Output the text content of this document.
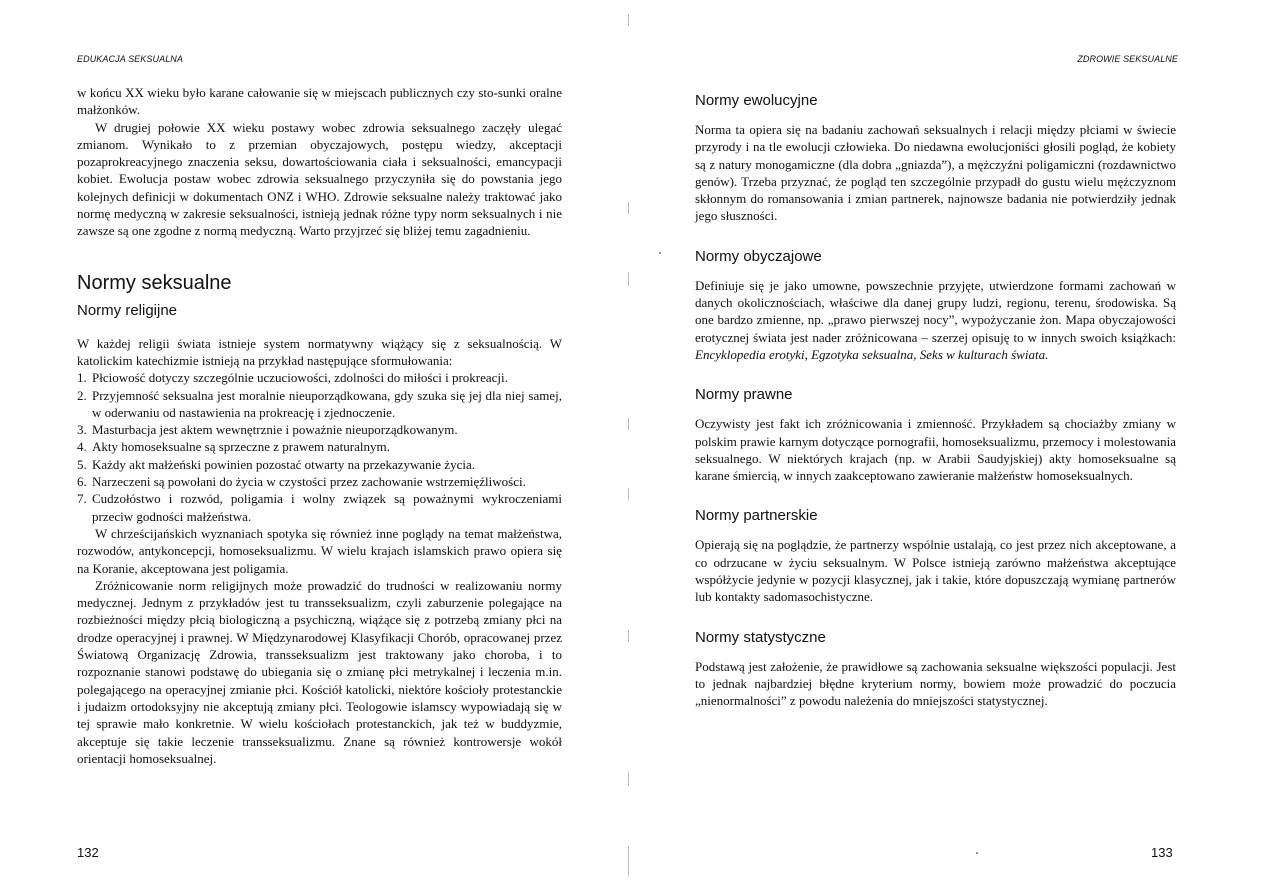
EDUKACJA SEKSUALNA

w końcu XX wieku było karane całowanie się w miejscach publicznych czy sto-sunki oralne małżonków.

W drugiej połowie XX wieku postawy wobec zdrowia seksualnego zaczęły ulegać zmianom. Wynikało to z przemian obyczajowych, postępu wiedzy, akceptacji pozaprokreacyjnego znaczenia seksu, dowartościowania ciała i seksualności, emancypacji kobiet. Ewolucja postaw wobec zdrowia seksualnego przyczyniła się do powstania jego kolejnych definicji w dokumentach ONZ i WHO. Zdrowie seksualne należy traktować jako normę medyczną w zakresie seksualności, istnieją jednak różne typy norm seksualnych i nie zawsze są one zgodne z normą medyczną. Warto przyjrzeć się bliżej temu zagadnieniu.

Normy seksualne
Normy religijne

W każdej religii świata istnieje system normatywny wiążący się z seksualnością. W katolickim katechizmie istnieją na przykład następujące sformułowania:

1. Płciowość dotyczy szczególnie uczuciowości, zdolności do miłości i prokreacji.
2. Przyjemność seksualna jest moralnie nieuporządkowana, gdy szuka się jej dla niej samej, w oderwaniu od nastawienia na prokreację i zjednoczenie.
3. Masturbacja jest aktem wewnętrznie i poważnie nieuporządkowanym.
4. Akty homoseksualne są sprzeczne z prawem naturalnym.
5. Każdy akt małżeński powinien pozostać otwarty na przekazywanie życia.
6. Narzeczeni są powołani do życia w czystości przez zachowanie wstrzemięźliwości.
7. Cudzołóstwo i rozwód, poligamia i wolny związek są poważnymi wykroczeniami przeciw godności małżeństwa.

W chrześcijańskich wyznaniach spotyka się również inne poglądy na temat małżeństwa, rozwodów, antykoncepcji, homoseksualizmu. W wielu krajach islamskich prawo opiera się na Koranie, akceptowana jest poligamia.

Zróżnicowanie norm religijnych może prowadzić do trudności w realizowaniu normy medycznej. Jednym z przykładów jest tu transseksualizm, czyli zaburzenie polegające na rozbieżności między płcią biologiczną a psychiczną, wiążące się z potrzebą zmiany płci na drodze operacyjnej i prawnej. W Międzynarodowej Klasyfikacji Chorób, opracowanej przez Światową Organizację Zdrowia, transseksualizm jest traktowany jako choroba, i to rozpoznanie stanowi podstawę do ubiegania się o zmianę płci metrykalnej i leczenia m.in. polegającego na operacyjnej zmianie płci. Kościół katolicki, niektóre kościoły protestanckie i judaizm ortodoksyjny nie akceptują zmiany płci. Teologowie islamscy wypowiadają się w tej sprawie mało konkretnie. W wielu kościołach protestanckich, jak też w buddyzmie, akceptuje się takie leczenie transseksualizmu. Znane są również kontrowersje wokół orientacji homoseksualnej.

132
ZDROWIE SEKSUALNE
Normy ewolucyjne

Norma ta opiera się na badaniu zachowań seksualnych i relacji między płciami w świecie przyrody i na tle ewolucji człowieka. Do niedawna ewolucjoniści głosili pogląd, że kobiety są z natury monogamiczne (dla dobra „gniazda”), a mężczyźni poligamiczni (rozdawnictwo genów). Trzeba przyznać, że pogląd ten szczególnie przypadł do gustu wielu mężczyznom skłonnym do romansowania i zmian partnerek, najnowsze badania nie potwierdziły jednak jego słuszności.

Normy obyczajowe

Definiuje się je jako umowne, powszechnie przyjęte, utwierdzone formami zachowań w danych okolicznościach, właściwe dla danej grupy ludzi, regionu, terenu, środowiska. Są one bardzo zmienne, np. „prawo pierwszej nocy”, wypożyczanie żon. Mapa obyczajowości erotycznej świata jest nader zróżnicowana – szerzej opisuję to w innych swoich książkach: Encyklopedia erotyki, Egzotyka seksualna, Seks w kulturach świata.

Normy prawne

Oczywisty jest fakt ich zróżnicowania i zmienność. Przykładem są chociażby zmiany w polskim prawie karnym dotyczące pornografii, homoseksualizmu, przemocy i molestowania seksualnego. W niektórych krajach (np. w Arabii Saudyjskiej) akty homoseksualne są karane śmiercią, w innych zaakceptowano zawieranie małżeństw homoseksualnych.

Normy partnerskie

Opierają się na poglądzie, że partnerzy wspólnie ustalają, co jest przez nich akceptowane, a co odrzucane w życiu seksualnym. W Polsce istnieją zarówno małżeństwa akceptujące współżycie jedynie w pozycji klasycznej, jak i takie, które dopuszczają wymianę partnerów lub kontakty sadomasochistyczne.

Normy statystyczne

Podstawą jest założenie, że prawidłowe są zachowania seksualne większości populacji. Jest to jednak najbardziej błędne kryterium normy, bowiem może prowadzić do poczucia „nienormalności” z powodu należenia do mniejszości statystycznej.

133
